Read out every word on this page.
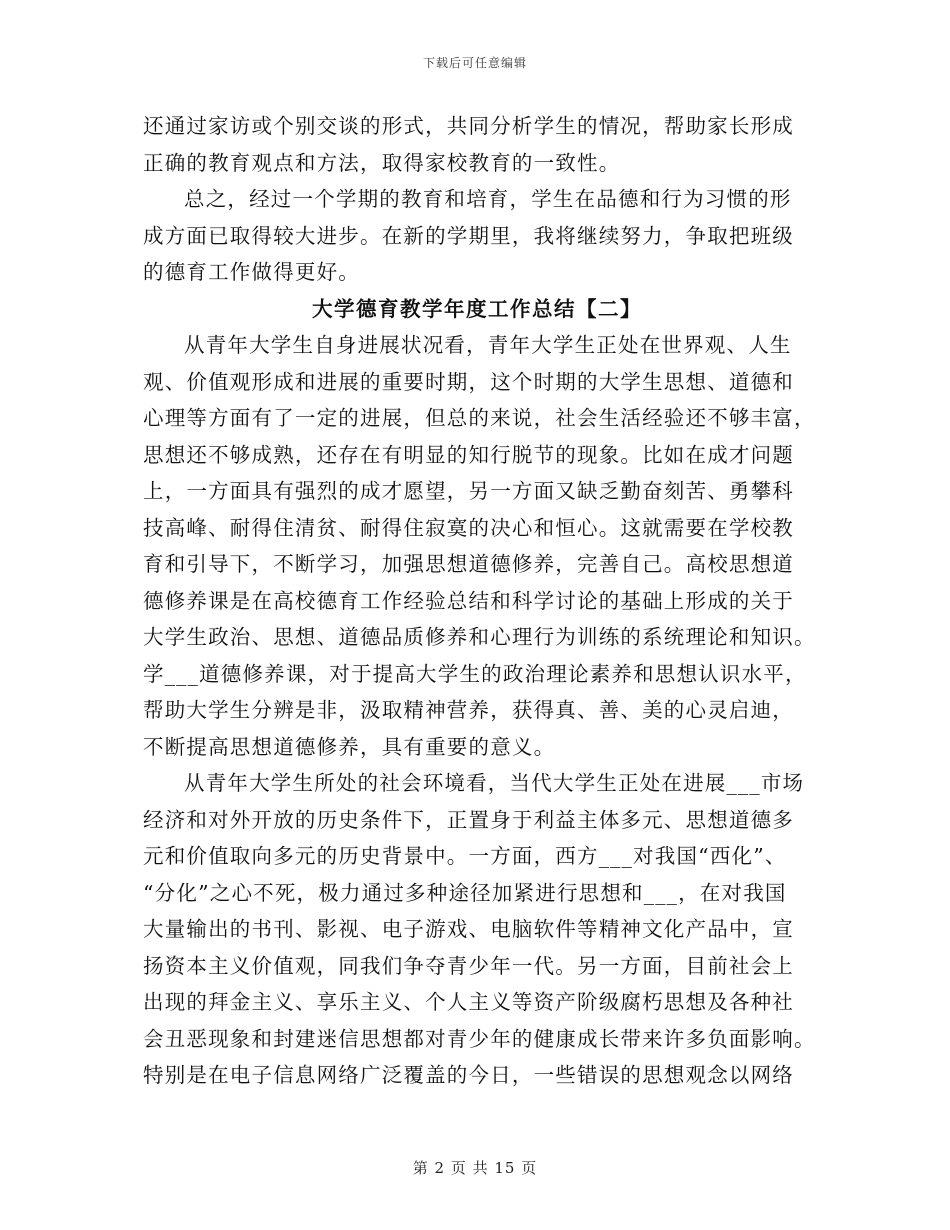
下载后可任意编辑

还通过家访或个别交谈的形式，共同分析学生的情况，帮助家长形成
正确的教育观点和方法，取得家校教育的一致性。

总之，经过一个学期的教育和培育，学生在品德和行为习惯的形
成方面已取得较大进步。在新的学期里，我将继续努力，争取把班级
的德育工作做得更好。

大学德育教学年度工作总结【二】

从青年大学生自身进展状况看，青年大学生正处在世界观、人生
观、价值观形成和进展的重要时期，这个时期的大学生思想、道德和
心理等方面有了一定的进展，但总的来说，社会生活经验还不够丰富，
思想还不够成熟，还存在有明显的知行脱节的现象。比如在成才问题
上，一方面具有强烈的成才愿望，另一方面又缺乏勤奋刻苦、勇攀科
技高峰、耐得住清贫、耐得住寂寞的决心和恒心。这就需要在学校教
育和引导下，不断学习，加强思想道德修养，完善自己。高校思想道
德修养课是在高校德育工作经验总结和科学讨论的基础上形成的关于
大学生政治、思想、道德品质修养和心理行为训练的系统理论和知识。
学___道德修养课，对于提高大学生的政治理论素养和思想认识水平，
帮助大学生分辨是非，汲取精神营养，获得真、善、美的心灵启迪，
不断提高思想道德修养，具有重要的意义。

从青年大学生所处的社会环境看，当代大学生正处在进展___市场
经济和对外开放的历史条件下，正置身于利益主体多元、思想道德多
元和价值取向多元的历史背景中。一方面，西方___对我国“西化”、
“分化”之心不死，极力通过多种途径加紧进行思想和___，在对我国
大量输出的书刊、影视、电子游戏、电脑软件等精神文化产品中，宣
扬资本主义价值观，同我们争夺青少年一代。另一方面，目前社会上
出现的拜金主义、享乐主义、个人主义等资产阶级腐朽思想及各种社
会丑恶现象和封建迷信思想都对青少年的健康成长带来许多负面影响。
特别是在电子信息网络广泛覆盖的今日，一些错误的思想观念以网络

第 2 页 共 15 页
